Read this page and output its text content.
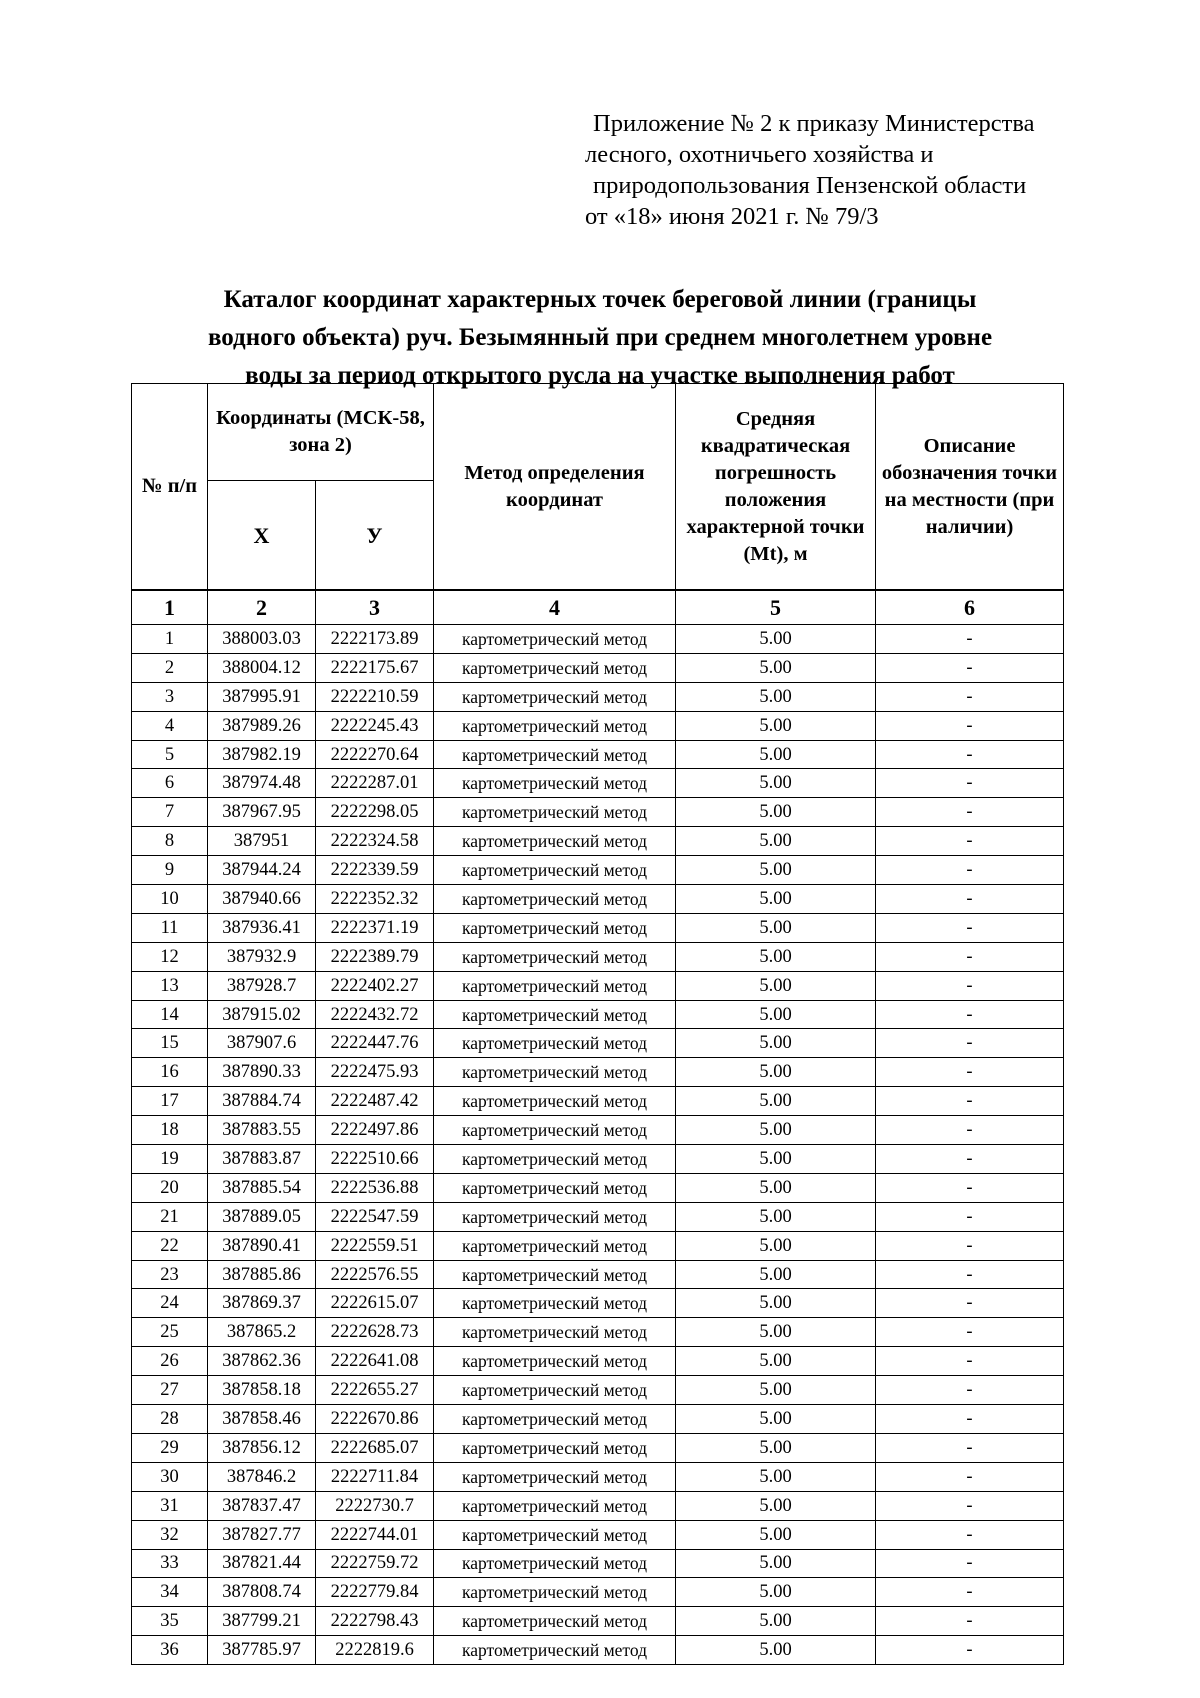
Приложение № 2 к приказу Министерства
лесного, охотничьего хозяйства и
природопользования Пензенской области
от «18» июня 2021 г. № 79/3
Каталог координат характерных точек береговой линии (границы
водного объекта) руч. Безымянный при среднем многолетнем уровне
воды за период открытого русла на участке выполнения работ
№ п/п	Координаты (МСК-58, зона 2)		Метод определения координат	Средняя квадратическая погрешность положения характерной точки (Mt), м	Описание обозначения точки на местности (при наличии)
	X	У			
1	2	3	4	5	6
1	388003.03	2222173.89	картометрический метод	5.00	-
2	388004.12	2222175.67	картометрический метод	5.00	-
3	387995.91	2222210.59	картометрический метод	5.00	-
4	387989.26	2222245.43	картометрический метод	5.00	-
5	387982.19	2222270.64	картометрический метод	5.00	-
6	387974.48	2222287.01	картометрический метод	5.00	-
7	387967.95	2222298.05	картометрический метод	5.00	-
8	387951	2222324.58	картометрический метод	5.00	-
9	387944.24	2222339.59	картометрический метод	5.00	-
10	387940.66	2222352.32	картометрический метод	5.00	-
11	387936.41	2222371.19	картометрический метод	5.00	-
12	387932.9	2222389.79	картометрический метод	5.00	-
13	387928.7	2222402.27	картометрический метод	5.00	-
14	387915.02	2222432.72	картометрический метод	5.00	-
15	387907.6	2222447.76	картометрический метод	5.00	-
16	387890.33	2222475.93	картометрический метод	5.00	-
17	387884.74	2222487.42	картометрический метод	5.00	-
18	387883.55	2222497.86	картометрический метод	5.00	-
19	387883.87	2222510.66	картометрический метод	5.00	-
20	387885.54	2222536.88	картометрический метод	5.00	-
21	387889.05	2222547.59	картометрический метод	5.00	-
22	387890.41	2222559.51	картометрический метод	5.00	-
23	387885.86	2222576.55	картометрический метод	5.00	-
24	387869.37	2222615.07	картометрический метод	5.00	-
25	387865.2	2222628.73	картометрический метод	5.00	-
26	387862.36	2222641.08	картометрический метод	5.00	-
27	387858.18	2222655.27	картометрический метод	5.00	-
28	387858.46	2222670.86	картометрический метод	5.00	-
29	387856.12	2222685.07	картометрический метод	5.00	-
30	387846.2	2222711.84	картометрический метод	5.00	-
31	387837.47	2222730.7	картометрический метод	5.00	-
32	387827.77	2222744.01	картометрический метод	5.00	-
33	387821.44	2222759.72	картометрический метод	5.00	-
34	387808.74	2222779.84	картометрический метод	5.00	-
35	387799.21	2222798.43	картометрический метод	5.00	-
36	387785.97	2222819.6	картометрический метод	5.00	-
